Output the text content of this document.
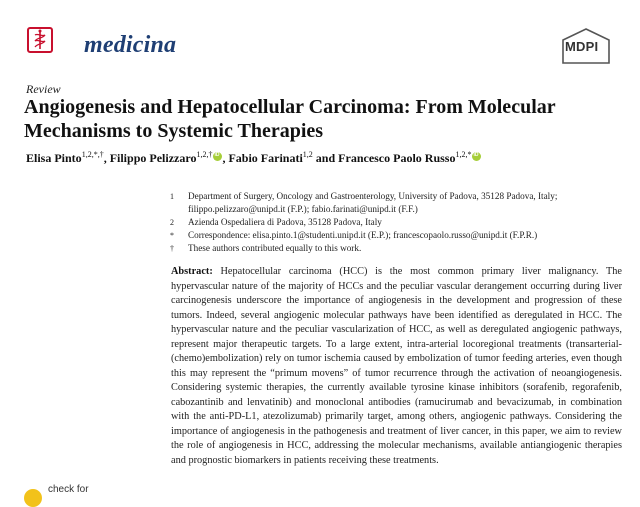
medicina	MDPI
Review
Angiogenesis and Hepatocellular Carcinoma: From Molecular Mechanisms to Systemic Therapies
Elisa Pinto$^{1,2,*,\dagger}$, Filippo Pelizzaro$^{1,2,\dagger}$iD , Fabio Farinati$^{1,2}$ and Francesco Paolo Russo$^{1,2,*}$iD
1 Department of Surgery, Oncology and Gastroenterology, University of Padova, 35128 Padova, Italy; filippo.pelizzaro@unipd.it (F.P.); fabio.farinati@unipd.it (F.F.)
2 Azienda Ospedaliera di Padova, 35128 Padova, Italy
* Correspondence: elisa.pinto.1@studenti.unipd.it (E.P.); francescopaolo.russo@unipd.it (F.P.R.)
† These authors contributed equally to this work.
Abstract: Hepatocellular carcinoma (HCC) is the most common primary liver malignancy. The hypervascular nature of the majority of HCCs and the peculiar vascular derangement occurring during liver carcinogenesis underscore the importance of angiogenesis in the development and progression of these tumors. Indeed, several angiogenic molecular pathways have been identified as deregulated in HCC. The hypervascular nature and the peculiar vascularization of HCC, as well as deregulated angiogenic pathways, represent major therapeutic targets. To a large extent, intra-arterial locoregional treatments (transarterial-(chemo)embolization) rely on tumor ischemia caused by embolization of tumor feeding arteries, even though this may represent the “primum movens” of tumor recurrence through the activation of neoangiogenesis. Considering systemic therapies, the currently available tyrosine kinase inhibitors (sorafenib, regorafenib, cabozantinib and lenvatinib) and monoclonal antibodies (ramucirumab and bevacizumab, in combination with the anti-PD-L1, atezolizumab) primarily target, among others, angiogenic pathways. Considering the importance of angiogenesis in the pathogenesis and treatment of liver cancer, in this paper, we aim to review the role of angiogenesis in HCC, addressing the molecular mechanisms, available antiangiogenic therapies and prognostic biomarkers in patients receiving these treatments.
check for
